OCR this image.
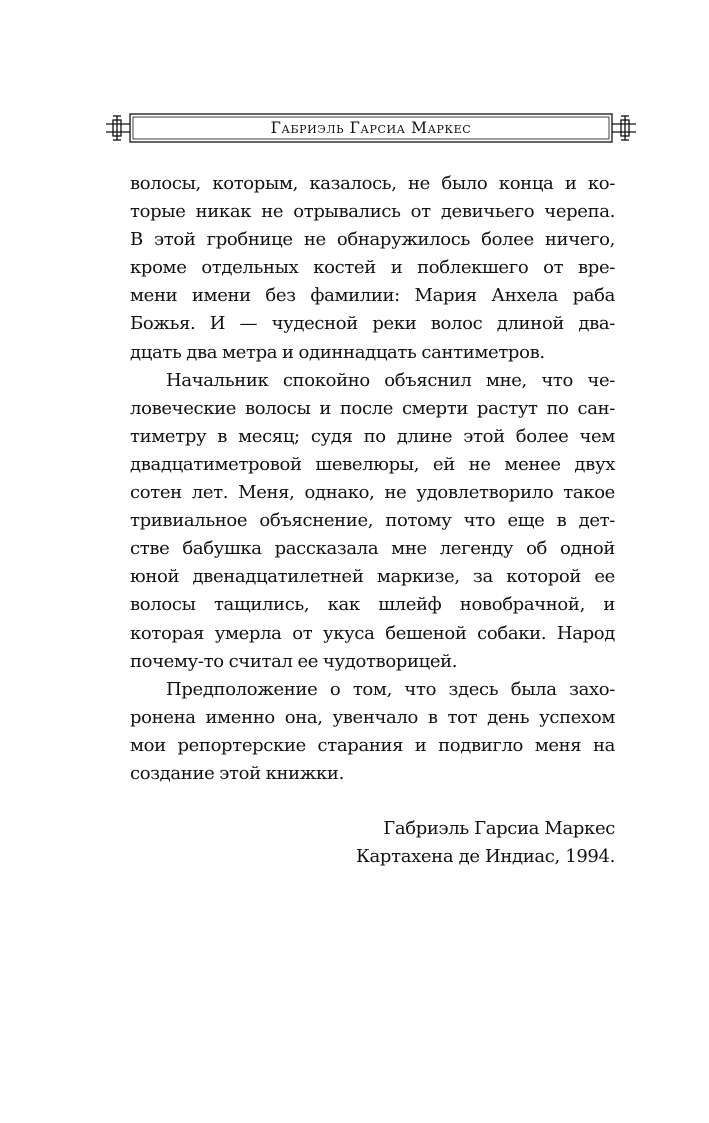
Габриэль Гарсиа Маркес
волосы, которым, казалось, не было конца и ко-
торые никак не отрывались от девичьего черепа.
В этой гробнице не обнаружилось более ничего,
кроме отдельных костей и поблекшего от вре-
мени имени без фамилии: Мария Анхела раба
Божья. И — чудесной реки волос длиной два-
дцать два метра и одиннадцать сантиметров.
Начальник спокойно объяснил мне, что че-
ловеческие волосы и после смерти растут по сан-
тиметру в месяц; судя по длине этой более чем
двадцатиметровой шевелюры, ей не менее двух
сотен лет. Меня, однако, не удовлетворило такое
тривиальное объяснение, потому что еще в дет-
стве бабушка рассказала мне легенду об одной
юной двенадцатилетней маркизе, за которой ее
волосы тащились, как шлейф новобрачной, и
которая умерла от укуса бешеной собаки. Народ
почему-то считал ее чудотворицей.
Предположение о том, что здесь была захо-
ронена именно она, увенчало в тот день успехом
мои репортерские старания и подвигло меня на
создание этой книжки.
Габриэль Гарсиа Маркес
Картахена де Индиас, 1994.
